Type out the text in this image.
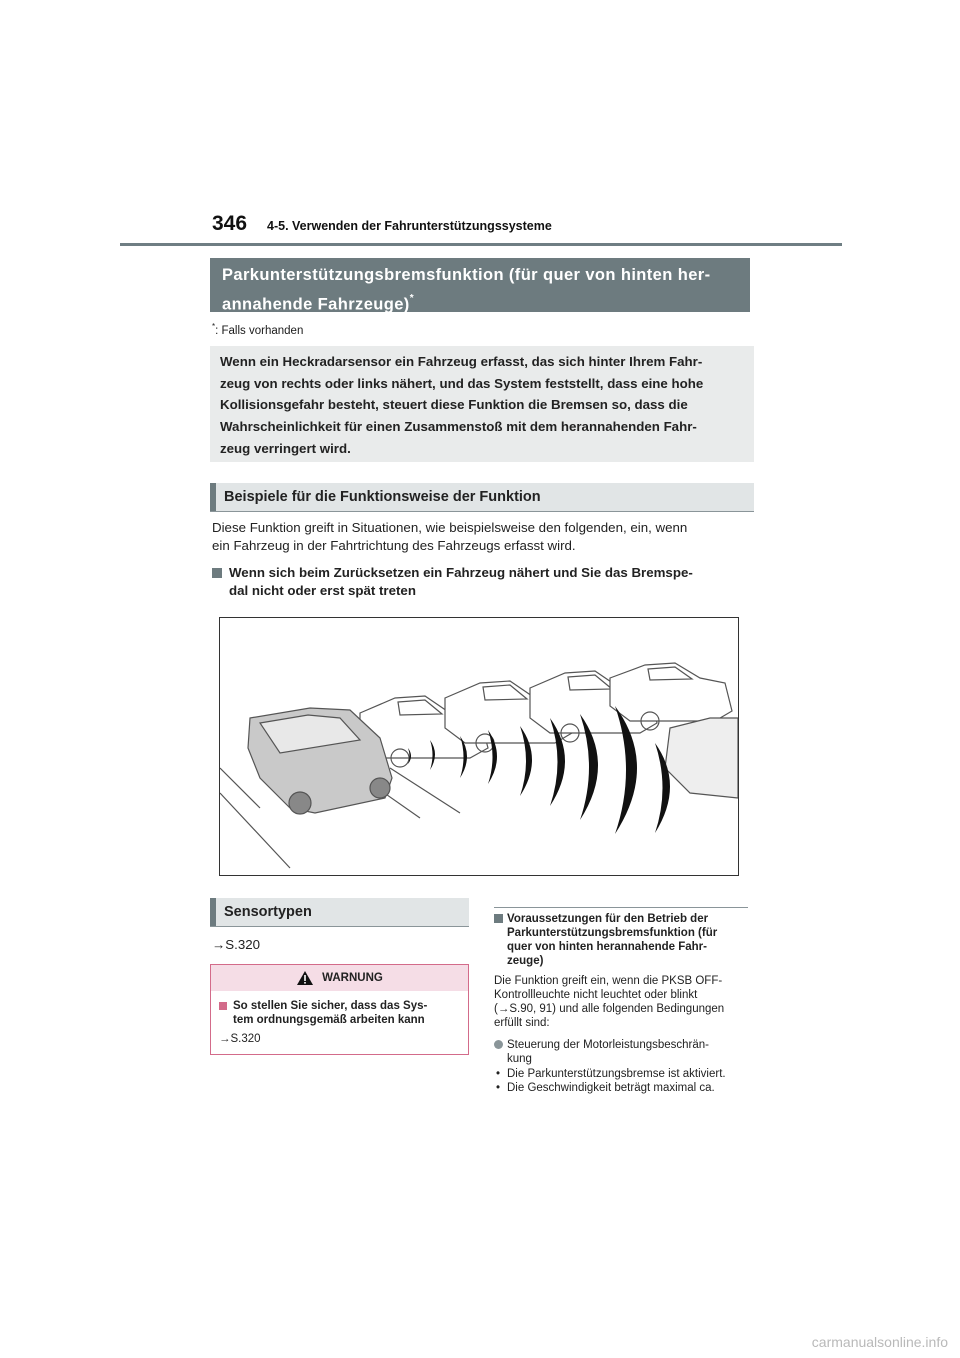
346 4-5. Verwenden der Fahrunterstützungssysteme
Parkunterstützungsbremsfunktion (für quer von hinten her-
annahende Fahrzeuge)*
*: Falls vorhanden
Wenn ein Heckradarsensor ein Fahrzeug erfasst, das sich hinter Ihrem Fahr-
zeug von rechts oder links nähert, und das System feststellt, dass eine hohe
Kollisionsgefahr besteht, steuert diese Funktion die Bremsen so, dass die
Wahrscheinlichkeit für einen Zusammenstoß mit dem herannahenden Fahr-
zeug verringert wird.
Beispiele für die Funktionsweise der Funktion
Diese Funktion greift in Situationen, wie beispielsweise den folgenden, ein, wenn
ein Fahrzeug in der Fahrtrichtung des Fahrzeugs erfasst wird.
Wenn sich beim Zurücksetzen ein Fahrzeug nähert und Sie das Bremspe-
dal nicht oder erst spät treten
Sensortypen
→S.320
WARNUNG
So stellen Sie sicher, dass das Sys-
tem ordnungsgemäß arbeiten kann
→S.320
Voraussetzungen für den Betrieb der
Parkunterstützungsbremsfunktion (für
quer von hinten herannahende Fahr-
zeuge)
Die Funktion greift ein, wenn die PKSB OFF-
Kontrollleuchte nicht leuchtet oder blinkt
(→S.90, 91) und alle folgenden Bedingungen
erfüllt sind:
Steuerung der Motorleistungsbeschrän-
kung
• Die Parkunterstützungsbremse ist aktiviert.
• Die Geschwindigkeit beträgt maximal ca.
carmanualsonline.info
